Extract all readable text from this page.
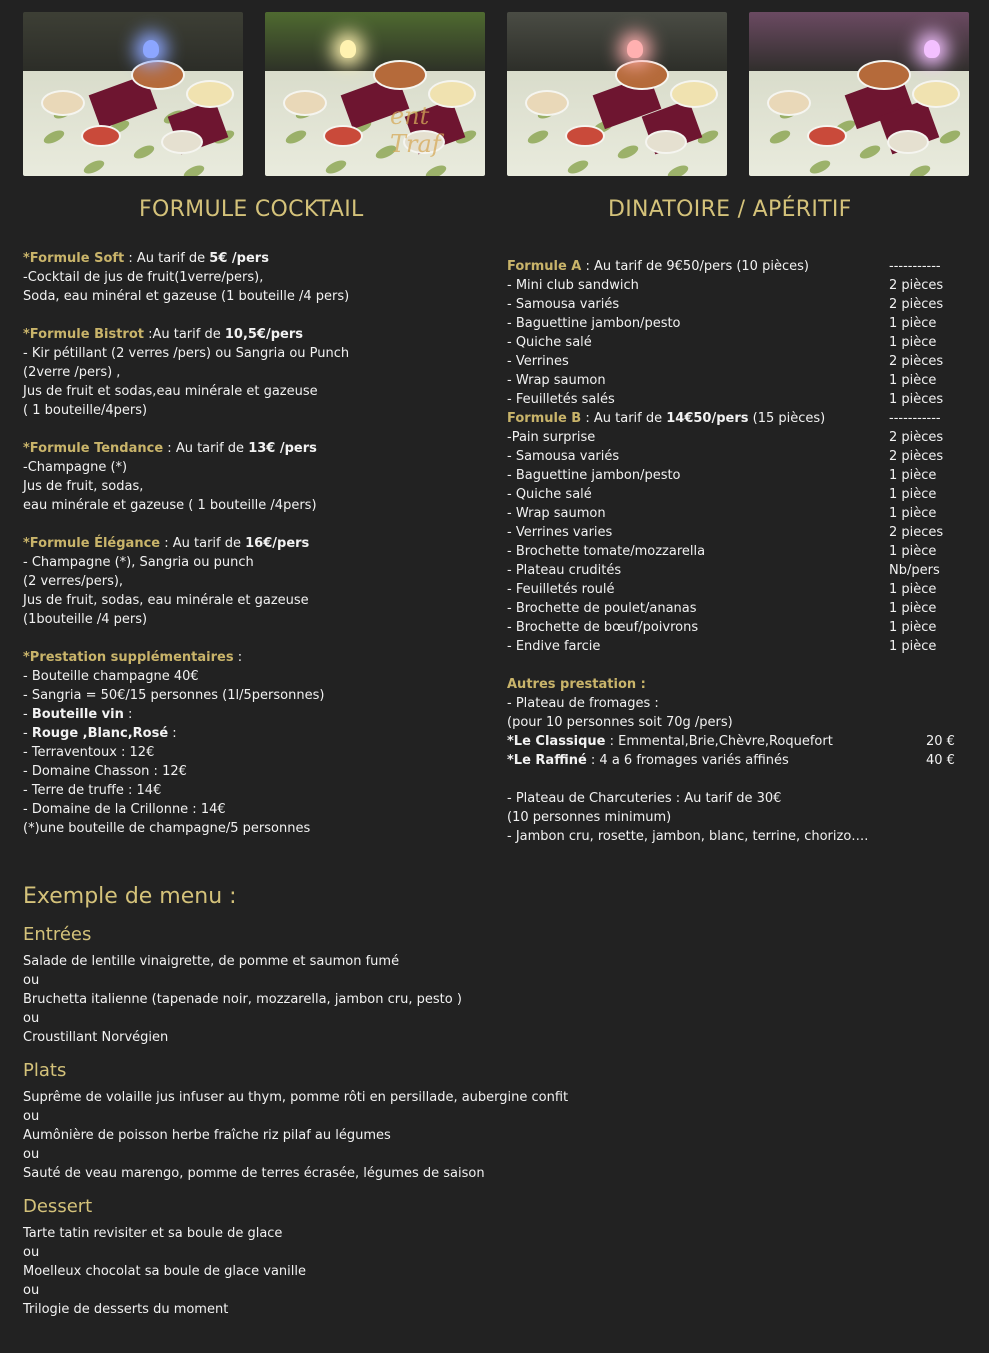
ent Traf
FORMULE COCKTAIL	DINATOIRE / APÉRITIF
*Formule Soft : Au tarif de 5€ /pers
-Cocktail de jus de fruit(1verre/pers),
Soda, eau minéral et gazeuse (1 bouteille /4 pers)
*Formule Bistrot :Au tarif de 10,5€/pers
- Kir pétillant (2 verres /pers) ou Sangria ou Punch
(2verre /pers) ,
Jus de fruit et sodas,eau minérale et gazeuse
( 1 bouteille/4pers)
*Formule Tendance : Au tarif de 13€ /pers
-Champagne (*)
Jus de fruit, sodas,
eau minérale et gazeuse ( 1 bouteille /4pers)
*Formule Élégance : Au tarif de 16€/pers
- Champagne (*), Sangria ou punch
(2 verres/pers),
Jus de fruit, sodas, eau minérale et gazeuse
(1bouteille /4 pers)
*Prestation supplémentaires :
- Bouteille champagne 40€
- Sangria = 50€/15 personnes (1l/5personnes)
- Bouteille vin :
- Rouge ,Blanc,Rosé :
- Terraventoux : 12€
- Domaine Chasson : 12€
- Terre de truffe : 14€
- Domaine de la Crillonne : 14€
(*)une bouteille de champagne/5 personnes
Formule A : Au tarif de 9€50/pers (10 pièces)	-----------
- Mini club sandwich	2 pièces
- Samousa variés	2 pièces
- Baguettine jambon/pesto	1 pièce
- Quiche salé	1 pièce
- Verrines	2 pièces
- Wrap saumon	1 pièce
- Feuilletés salés	1 pièces
Formule B : Au tarif de 14€50/pers (15 pièces)	-----------
-Pain surprise	2 pièces
- Samousa variés	2 pièces
- Baguettine jambon/pesto	1 pièce
- Quiche salé	1 pièce
- Wrap saumon	1 pièce
- Verrines varies	2 pieces
- Brochette tomate/mozzarella	1 pièce
- Plateau crudités	Nb/pers
- Feuilletés roulé	1 pièce
- Brochette de poulet/ananas	1 pièce
- Brochette de bœuf/poivrons	1 pièce
- Endive farcie	1 pièce
Autres prestation :
- Plateau de fromages :
(pour 10 personnes soit 70g /pers)
*Le Classique : Emmental,Brie,Chèvre,Roquefort	20 €
*Le Raffiné : 4 a 6 fromages variés affinés	40 €
- Plateau de Charcuteries : Au tarif de 30€
(10 personnes minimum)
- Jambon cru, rosette, jambon, blanc, terrine, chorizo….
Exemple de menu :
Entrées
Salade de lentille vinaigrette, de pomme et saumon fumé
ou
Bruchetta italienne (tapenade noir, mozzarella, jambon cru, pesto )
ou
Croustillant Norvégien
Plats
Suprême de volaille jus infuser au thym, pomme rôti en persillade, aubergine confit
ou
Aumônière de poisson herbe fraîche riz pilaf au légumes
ou
Sauté de veau marengo, pomme de terres écrasée, légumes de saison
Dessert
Tarte tatin revisiter et sa boule de glace
ou
Moelleux chocolat sa boule de glace vanille
ou
Trilogie de desserts du moment
